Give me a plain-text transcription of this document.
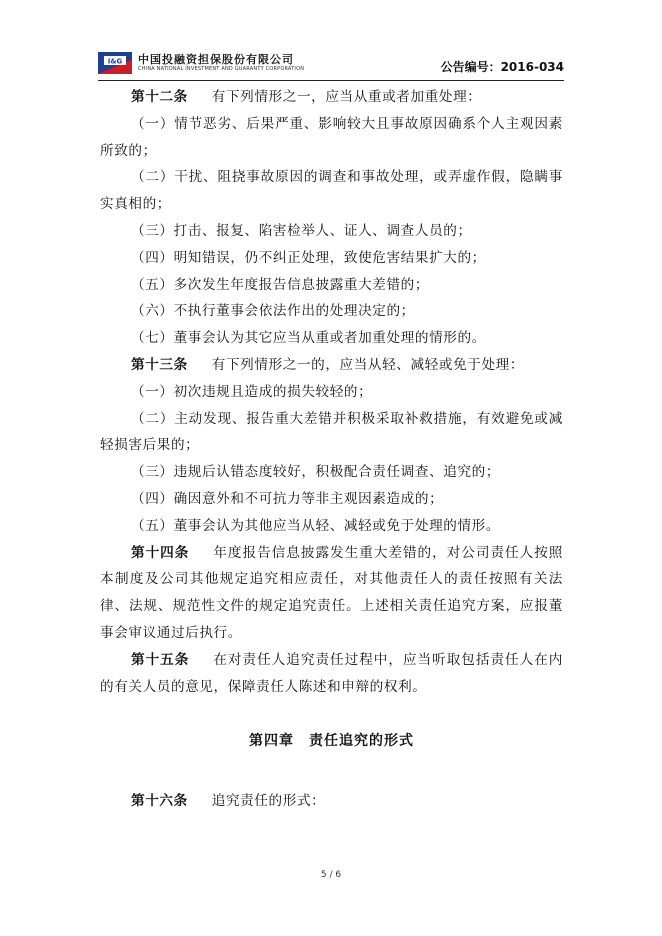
I&G 中国投融资担保股份有限公司
CHINA NATIONAL INVESTMENT AND GUARANTY CORPORATION	公告编号：2016-034

第十二条 有下列情形之一，应当从重或者加重处理：

（一）情节恶劣、后果严重、影响较大且事故原因确系个人主观因素所致的；

（二）干扰、阻挠事故原因的调查和事故处理，或弄虚作假，隐瞒事实真相的；

（三）打击、报复、陷害检举人、证人、调查人员的；

（四）明知错误，仍不纠正处理，致使危害结果扩大的；

（五）多次发生年度报告信息披露重大差错的；

（六）不执行董事会依法作出的处理决定的；

（七）董事会认为其它应当从重或者加重处理的情形的。

第十三条 有下列情形之一的，应当从轻、减轻或免于处理：

（一）初次违规且造成的损失较轻的；

（二）主动发现、报告重大差错并积极采取补救措施，有效避免或减轻损害后果的；

（三）违规后认错态度较好，积极配合责任调查、追究的；

（四）确因意外和不可抗力等非主观因素造成的；

（五）董事会认为其他应当从轻、减轻或免于处理的情形。

第十四条 年度报告信息披露发生重大差错的，对公司责任人按照本制度及公司其他规定追究相应责任，对其他责任人的责任按照有关法律、法规、规范性文件的规定追究责任。上述相关责任追究方案，应报董事会审议通过后执行。

第十五条 在对责任人追究责任过程中，应当听取包括责任人在内的有关人员的意见，保障责任人陈述和申辩的权利。

第四章　责任追究的形式

第十六条 追究责任的形式：

5 / 6
